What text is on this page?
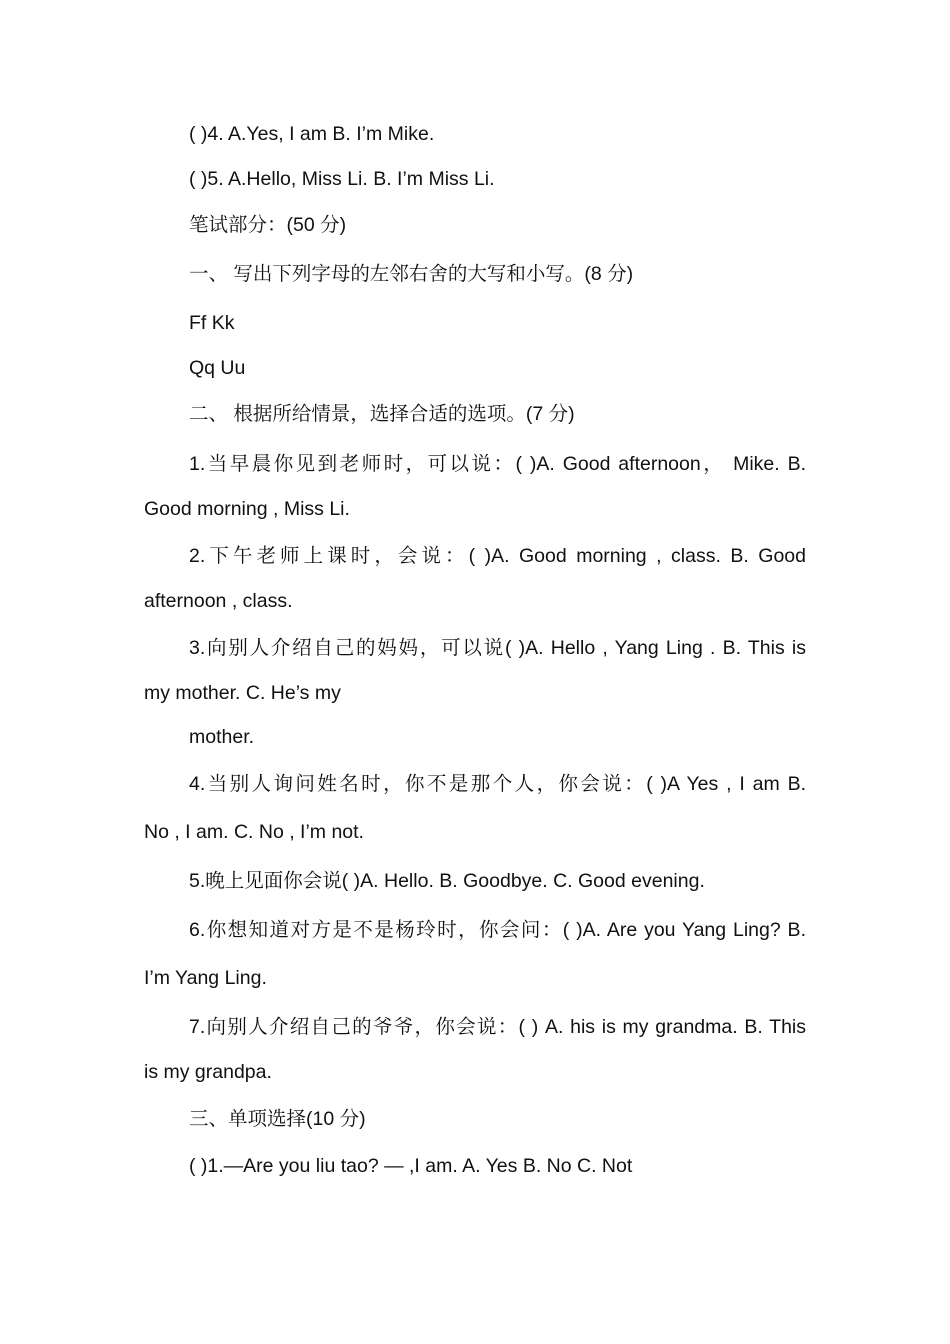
( )4. A.Yes, I am B. I’m Mike.
( )5. A.Hello, Miss Li. B. I’m Miss Li.
笔试部分：(50 分)
一、 写出下列字母的左邻右舍的大写和小写。(8 分)
Ff Kk
Qq Uu
二、 根据所给情景，选择合适的选项。(7 分)
1.当早晨你见到老师时，可以说：( )A. Good afternoon， Mike. B.
Good morning , Miss Li.
2.下午老师上课时，会说：( )A. Good morning , class. B. Good
afternoon , class.
3.向别人介绍自己的妈妈，可以说( )A. Hello , Yang Ling . B. This is
my mother. C. He’s my
mother.
4.当别人询问姓名时，你不是那个人，你会说：( )A Yes , I am B.
No , I am. C. No , I’m not.
5.晚上见面你会说( )A. Hello. B. Goodbye. C. Good evening.
6.你想知道对方是不是杨玲时，你会问：( )A. Are you Yang Ling? B.
I’m Yang Ling.
7.向别人介绍自己的爷爷，你会说：( ) A. his is my grandma. B. This
is my grandpa.
三、单项选择(10 分)
( )1.—Are you liu tao? — ,I am. A. Yes B. No C. Not
